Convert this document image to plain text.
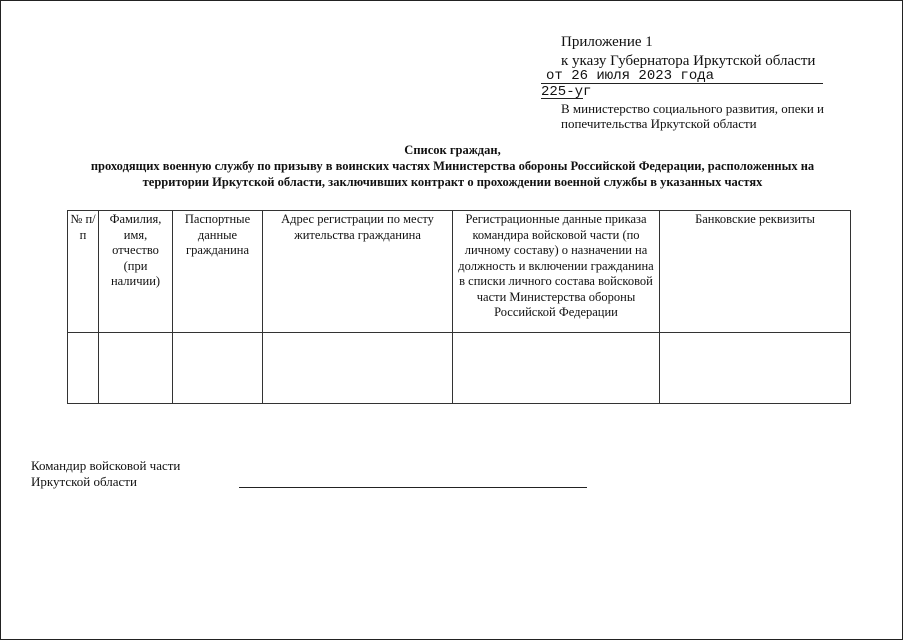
Приложение 1
к указу Губернатора Иркутской области
от 26 июля 2023 года
225-уг
В министерство социального развития, опеки и
попечительства Иркутской области
Список граждан,
проходящих военную службу по призыву в воинских частях Министерства обороны Российской Федерации, расположенных на
территории Иркутской области, заключивших контракт о прохождении военной службы в указанных частях
№ п/п	Фамилия, имя, отчество (при наличии)	Паспортные данные гражданина	Адрес регистрации по месту жительства гражданина	Регистрационные данные приказа командира войсковой части (по личному составу) о назначении на должность и включении гражданина в списки личного состава войсковой части Министерства обороны Российской Федерации	Банковские реквизиты

Командир войсковой части
Иркутской области
